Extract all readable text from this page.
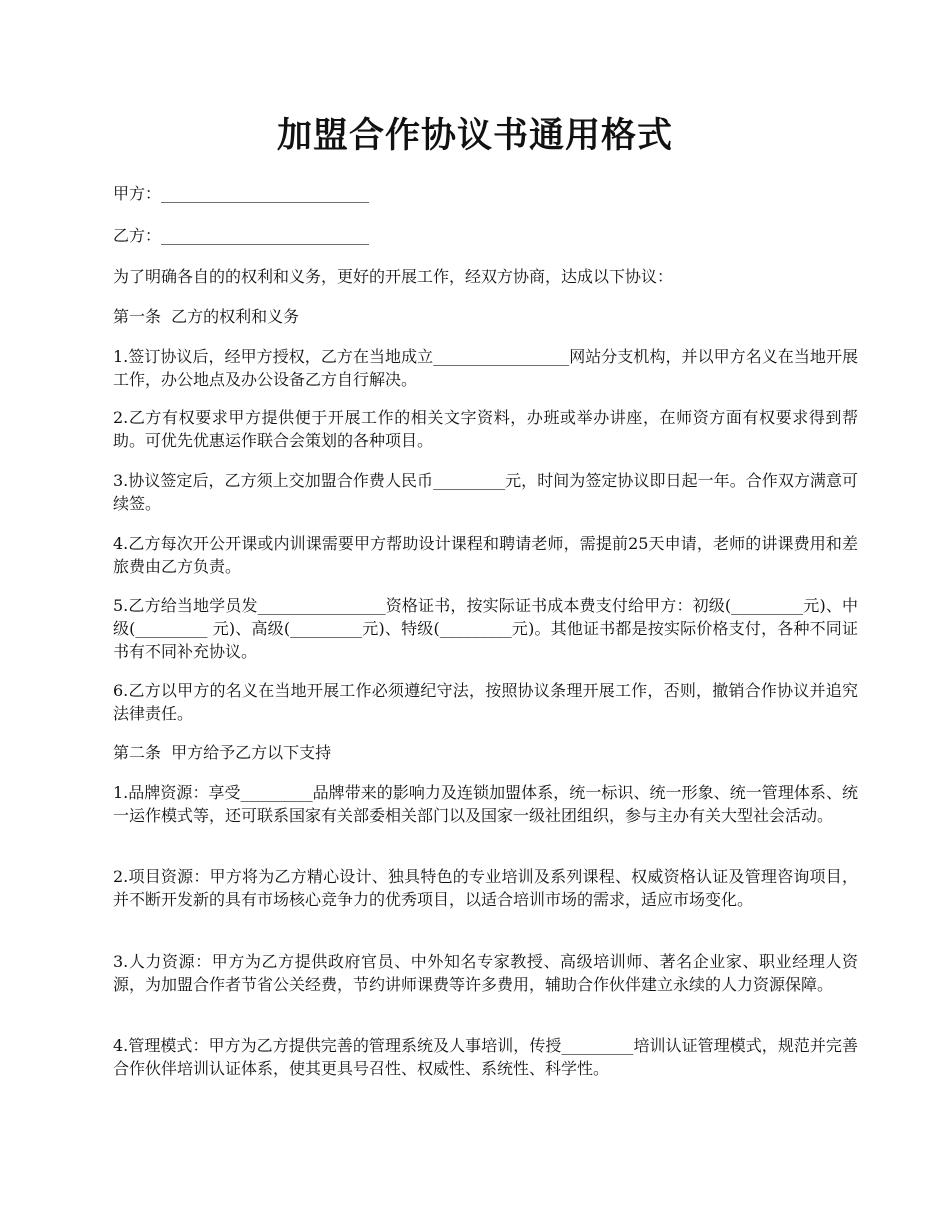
加盟合作协议书通用格式

甲方：__________________________

乙方：__________________________

为了明确各自的的权利和义务，更好的开展工作，经双方协商，达成以下协议：

第一条  乙方的权利和义务

1.签订协议后，经甲方授权，乙方在当地成立_________________网站分支机构，并以甲方名义在当地开展工作，办公地点及办公设备乙方自行解决。

2.乙方有权要求甲方提供便于开展工作的相关文字资料，办班或举办讲座，在师资方面有权要求得到帮助。可优先优惠运作联合会策划的各种项目。

3.协议签定后，乙方须上交加盟合作费人民币_________元，时间为签定协议即日起一年。合作双方满意可续签。

4.乙方每次开公开课或内训课需要甲方帮助设计课程和聘请老师，需提前25天申请，老师的讲课费用和差旅费由乙方负责。

5.乙方给当地学员发________________资格证书，按实际证书成本费支付给甲方：初级(_________元)、中级(_________ 元)、高级(_________元)、特级(_________元)。其他证书都是按实际价格支付，各种不同证书有不同补充协议。

6.乙方以甲方的名义在当地开展工作必须遵纪守法，按照协议条理开展工作，否则，撤销合作协议并追究法律责任。

第二条  甲方给予乙方以下支持

1.品牌资源：享受_________品牌带来的影响力及连锁加盟体系，统一标识、统一形象、统一管理体系、统一运作模式等，还可联系国家有关部委相关部门以及国家一级社团组织，参与主办有关大型社会活动。

2.项目资源：甲方将为乙方精心设计、独具特色的专业培训及系列课程、权威资格认证及管理咨询项目，并不断开发新的具有市场核心竞争力的优秀项目，以适合培训市场的需求，适应市场变化。

3.人力资源：甲方为乙方提供政府官员、中外知名专家教授、高级培训师、著名企业家、职业经理人资源，为加盟合作者节省公关经费，节约讲师课费等许多费用，辅助合作伙伴建立永续的人力资源保障。

4.管理模式：甲方为乙方提供完善的管理系统及人事培训，传授_________培训认证管理模式，规范并完善合作伙伴培训认证体系，使其更具号召性、权威性、系统性、科学性。
